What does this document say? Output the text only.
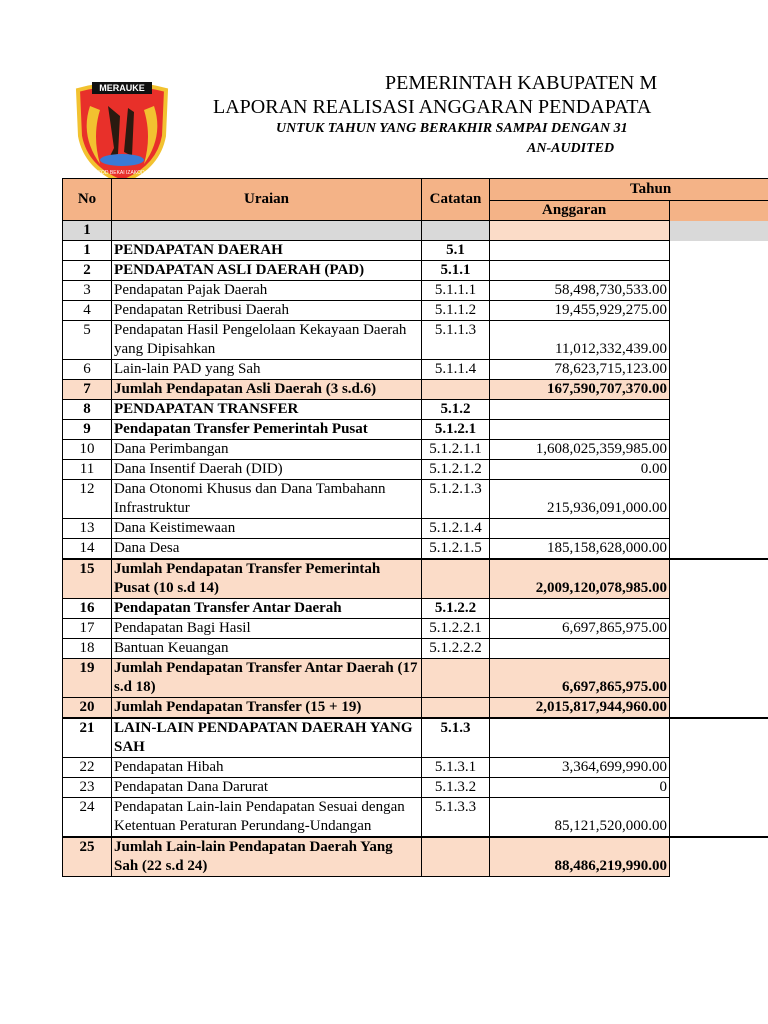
MERAUKE
IZAKOD BEKAI IZAKOD KAI
PEMERINTAH KABUPATEN M
LAPORAN REALISASI ANGGARAN PENDAPATA
UNTUK TAHUN YANG BERAKHIR SAMPAI DENGAN 31
AN-AUDITED
No	Uraian	Catatan	Tahun	
			Anggaran	
1				
1	PENDAPATAN DAERAH	5.1		
2	PENDAPATAN ASLI DAERAH (PAD)	5.1.1		
3	Pendapatan Pajak Daerah	5.1.1.1	58,498,730,533.00	
4	Pendapatan Retribusi Daerah	5.1.1.2	19,455,929,275.00	
5	Pendapatan Hasil Pengelolaan Kekayaan Daerah yang Dipisahkan	5.1.1.3	11,012,332,439.00	
6	Lain-lain PAD yang Sah	5.1.1.4	78,623,715,123.00	
7	Jumlah Pendapatan Asli Daerah (3 s.d.6)		167,590,707,370.00	
8	PENDAPATAN TRANSFER	5.1.2		
9	Pendapatan Transfer Pemerintah Pusat	5.1.2.1		
10	Dana Perimbangan	5.1.2.1.1	1,608,025,359,985.00	
11	Dana Insentif Daerah (DID)	5.1.2.1.2	0.00	
12	Dana Otonomi Khusus dan Dana Tambahann Infrastruktur	5.1.2.1.3	215,936,091,000.00	
13	Dana Keistimewaan	5.1.2.1.4		
14	Dana Desa	5.1.2.1.5	185,158,628,000.00	
15	Jumlah Pendapatan Transfer Pemerintah Pusat (10 s.d 14)		2,009,120,078,985.00	
16	Pendapatan Transfer Antar Daerah	5.1.2.2		
17	Pendapatan Bagi Hasil	5.1.2.2.1	6,697,865,975.00	
18	Bantuan Keuangan	5.1.2.2.2		
19	Jumlah Pendapatan Transfer Antar Daerah (17 s.d 18)		6,697,865,975.00	
20	Jumlah Pendapatan Transfer (15 + 19)		2,015,817,944,960.00	
21	LAIN-LAIN PENDAPATAN DAERAH YANG SAH	5.1.3		
22	Pendapatan Hibah	5.1.3.1	3,364,699,990.00	
23	Pendapatan Dana Darurat	5.1.3.2	0	
24	Pendapatan Lain-lain Pendapatan Sesuai dengan Ketentuan Peraturan Perundang-Undangan	5.1.3.3	85,121,520,000.00	
25	Jumlah Lain-lain Pendapatan Daerah Yang Sah (22 s.d 24)		88,486,219,990.00	
